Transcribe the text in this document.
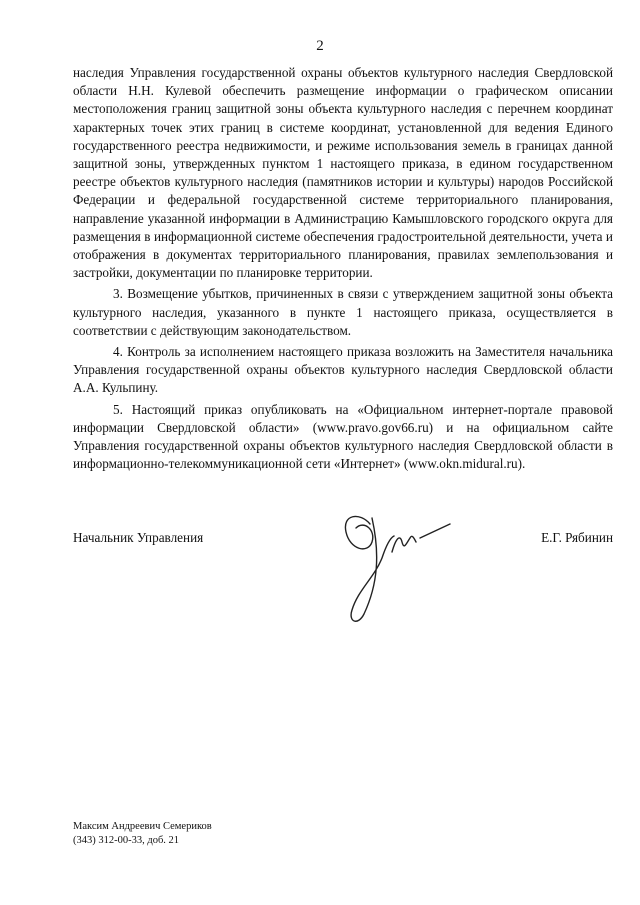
2

наследия Управления государственной охраны объектов культурного наследия Свердловской области Н.Н. Кулевой обеспечить размещение информации о графическом описании местоположения границ защитной зоны объекта культурного наследия с перечнем координат характерных точек этих границ в системе координат, установленной для ведения Единого государственного реестра недвижимости, и режиме использования земель в границах данной защитной зоны, утвержденных пунктом 1 настоящего приказа, в едином государственном реестре объектов культурного наследия (памятников истории и культуры) народов Российской Федерации и федеральной государственной системе территориального планирования, направление указанной информации в Администрацию Камышловского городского округа для размещения в информационной системе обеспечения градостроительной деятельности, учета и отображения в документах территориального планирования, правилах землепользования и застройки, документации по планировке территории.

3. Возмещение убытков, причиненных в связи с утверждением защитной зоны объекта культурного наследия, указанного в пункте 1 настоящего приказа, осуществляется в соответствии с действующим законодательством.

4. Контроль за исполнением настоящего приказа возложить на Заместителя начальника Управления государственной охраны объектов культурного наследия Свердловской области А.А. Кульпину.

5. Настоящий приказ опубликовать на «Официальном интернет-портале правовой информации Свердловской области» (www.pravo.gov66.ru) и на официальном сайте Управления государственной охраны объектов культурного наследия Свердловской области в информационно-телекоммуникационной сети «Интернет» (www.okn.midural.ru).

Начальник Управления	Е.Г. Рябинин
Максим Андреевич Семериков
(343) 312-00-33, доб. 21
